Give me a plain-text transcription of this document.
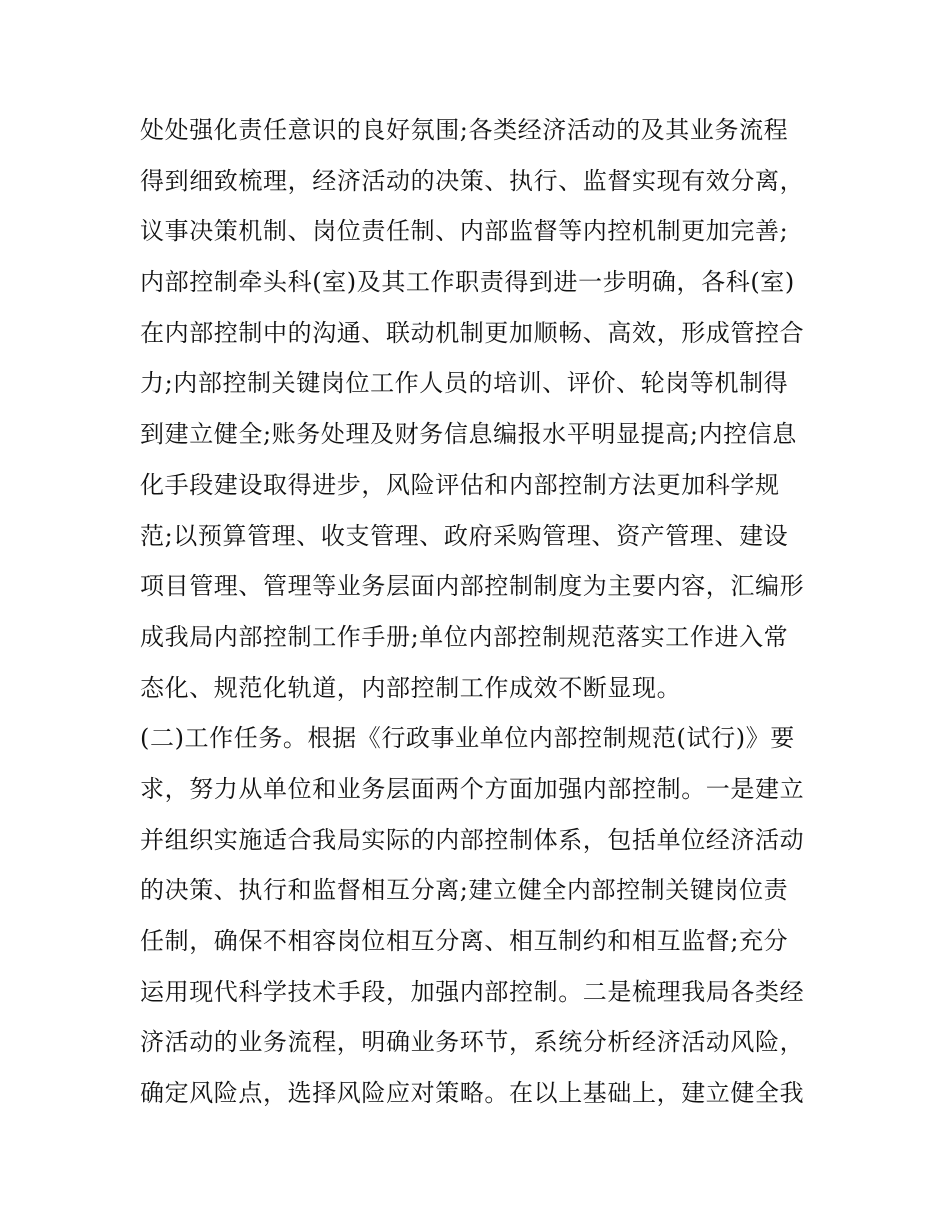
处处强化责任意识的良好氛围;各类经济活动的及其业务流程
得到细致梳理，经济活动的决策、执行、监督实现有效分离，
议事决策机制、岗位责任制、内部监督等内控机制更加完善;
内部控制牵头科(室)及其工作职责得到进一步明确，各科(室)
在内部控制中的沟通、联动机制更加顺畅、高效，形成管控合
力;内部控制关键岗位工作人员的培训、评价、轮岗等机制得
到建立健全;账务处理及财务信息编报水平明显提高;内控信息
化手段建设取得进步，风险评估和内部控制方法更加科学规
范;以预算管理、收支管理、政府采购管理、资产管理、建设
项目管理、管理等业务层面内部控制制度为主要内容，汇编形
成我局内部控制工作手册;单位内部控制规范落实工作进入常
态化、规范化轨道，内部控制工作成效不断显现。
(二)工作任务。根据《行政事业单位内部控制规范(试行)》要
求，努力从单位和业务层面两个方面加强内部控制。一是建立
并组织实施适合我局实际的内部控制体系，包括单位经济活动
的决策、执行和监督相互分离;建立健全内部控制关键岗位责
任制，确保不相容岗位相互分离、相互制约和相互监督;充分
运用现代科学技术手段，加强内部控制。二是梳理我局各类经
济活动的业务流程，明确业务环节，系统分析经济活动风险，
确定风险点，选择风险应对策略。在以上基础上，建立健全我
